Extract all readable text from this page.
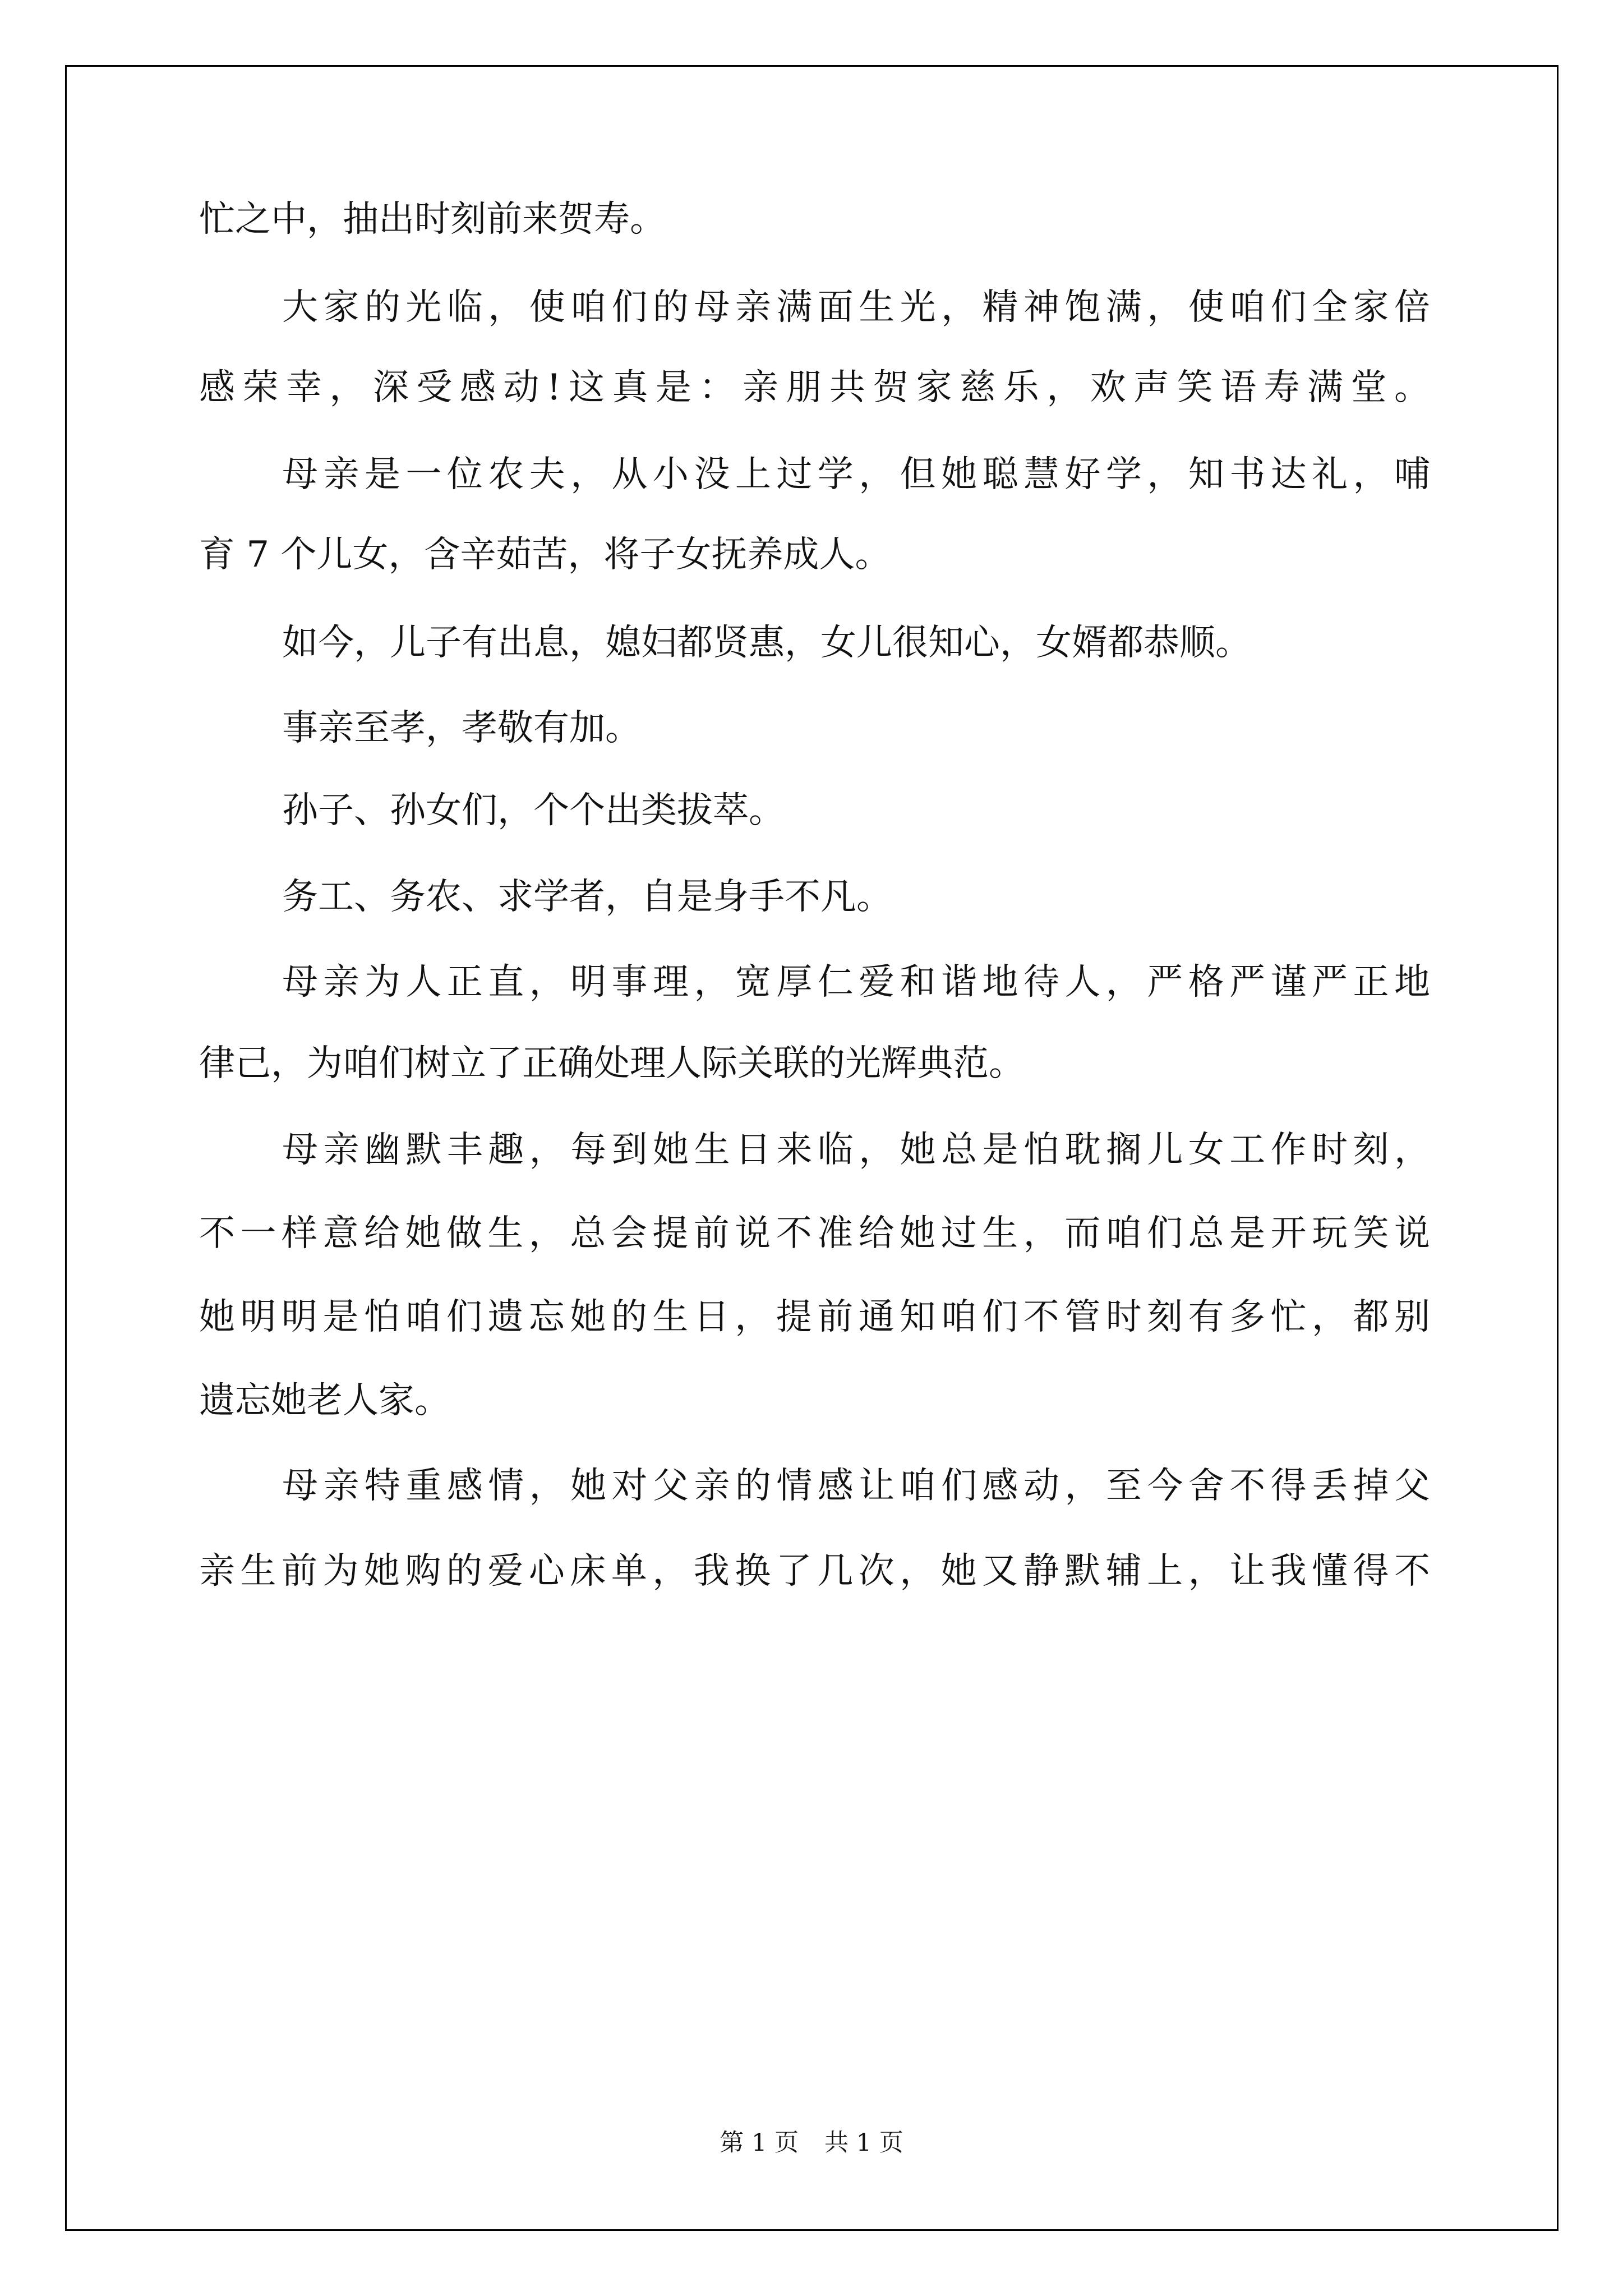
忙之中，抽出时刻前来贺寿。
大家的光临，使咱们的母亲满面生光，精神饱满，使咱们全家倍
感荣幸，深受感动!这真是：亲朋共贺家慈乐，欢声笑语寿满堂。
母亲是一位农夫，从小没上过学，但她聪慧好学，知书达礼，哺
育 7 个儿女，含辛茹苦，将子女抚养成人。
如今，儿子有出息，媳妇都贤惠，女儿很知心，女婿都恭顺。
事亲至孝，孝敬有加。
孙子、孙女们，个个出类拔萃。
务工、务农、求学者，自是身手不凡。
母亲为人正直，明事理，宽厚仁爱和谐地待人，严格严谨严正地
律己，为咱们树立了正确处理人际关联的光辉典范。
母亲幽默丰趣，每到她生日来临，她总是怕耽搁儿女工作时刻，
不一样意给她做生，总会提前说不准给她过生，而咱们总是开玩笑说
她明明是怕咱们遗忘她的生日，提前通知咱们不管时刻有多忙，都别
遗忘她老人家。
母亲特重感情，她对父亲的情感让咱们感动，至今舍不得丢掉父
亲生前为她购的爱心床单，我换了几次，她又静默辅上，让我懂得不
第 1 页 共 1 页
